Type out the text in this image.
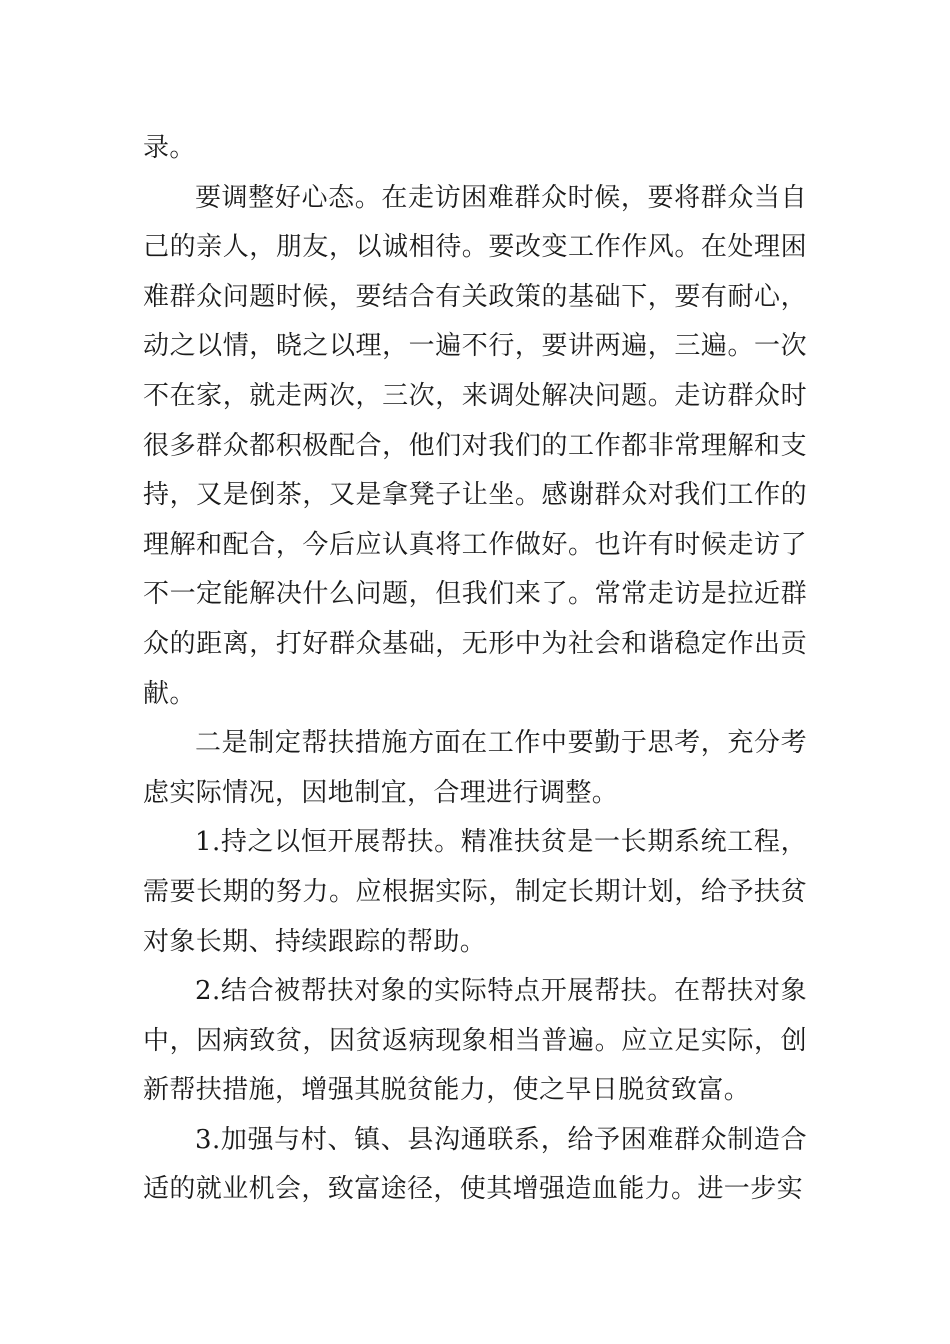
录。

要调整好心态。在走访困难群众时候，要将群众当自己的亲人，朋友，以诚相待。要改变工作作风。在处理困难群众问题时候，要结合有关政策的基础下，要有耐心，动之以情，晓之以理，一遍不行，要讲两遍，三遍。一次不在家，就走两次，三次，来调处解决问题。走访群众时很多群众都积极配合，他们对我们的工作都非常理解和支持，又是倒茶，又是拿凳子让坐。感谢群众对我们工作的理解和配合，今后应认真将工作做好。也许有时候走访了不一定能解决什么问题，但我们来了。常常走访是拉近群众的距离，打好群众基础，无形中为社会和谐稳定作出贡献。

二是制定帮扶措施方面在工作中要勤于思考，充分考虑实际情况，因地制宜，合理进行调整。

1.持之以恒开展帮扶。精准扶贫是一长期系统工程，需要长期的努力。应根据实际，制定长期计划，给予扶贫对象长期、持续跟踪的帮助。

2.结合被帮扶对象的实际特点开展帮扶。在帮扶对象中，因病致贫，因贫返病现象相当普遍。应立足实际，创新帮扶措施，增强其脱贫能力，使之早日脱贫致富。

3.加强与村、镇、县沟通联系，给予困难群众制造合适的就业机会，致富途径，使其增强造血能力。进一步实
